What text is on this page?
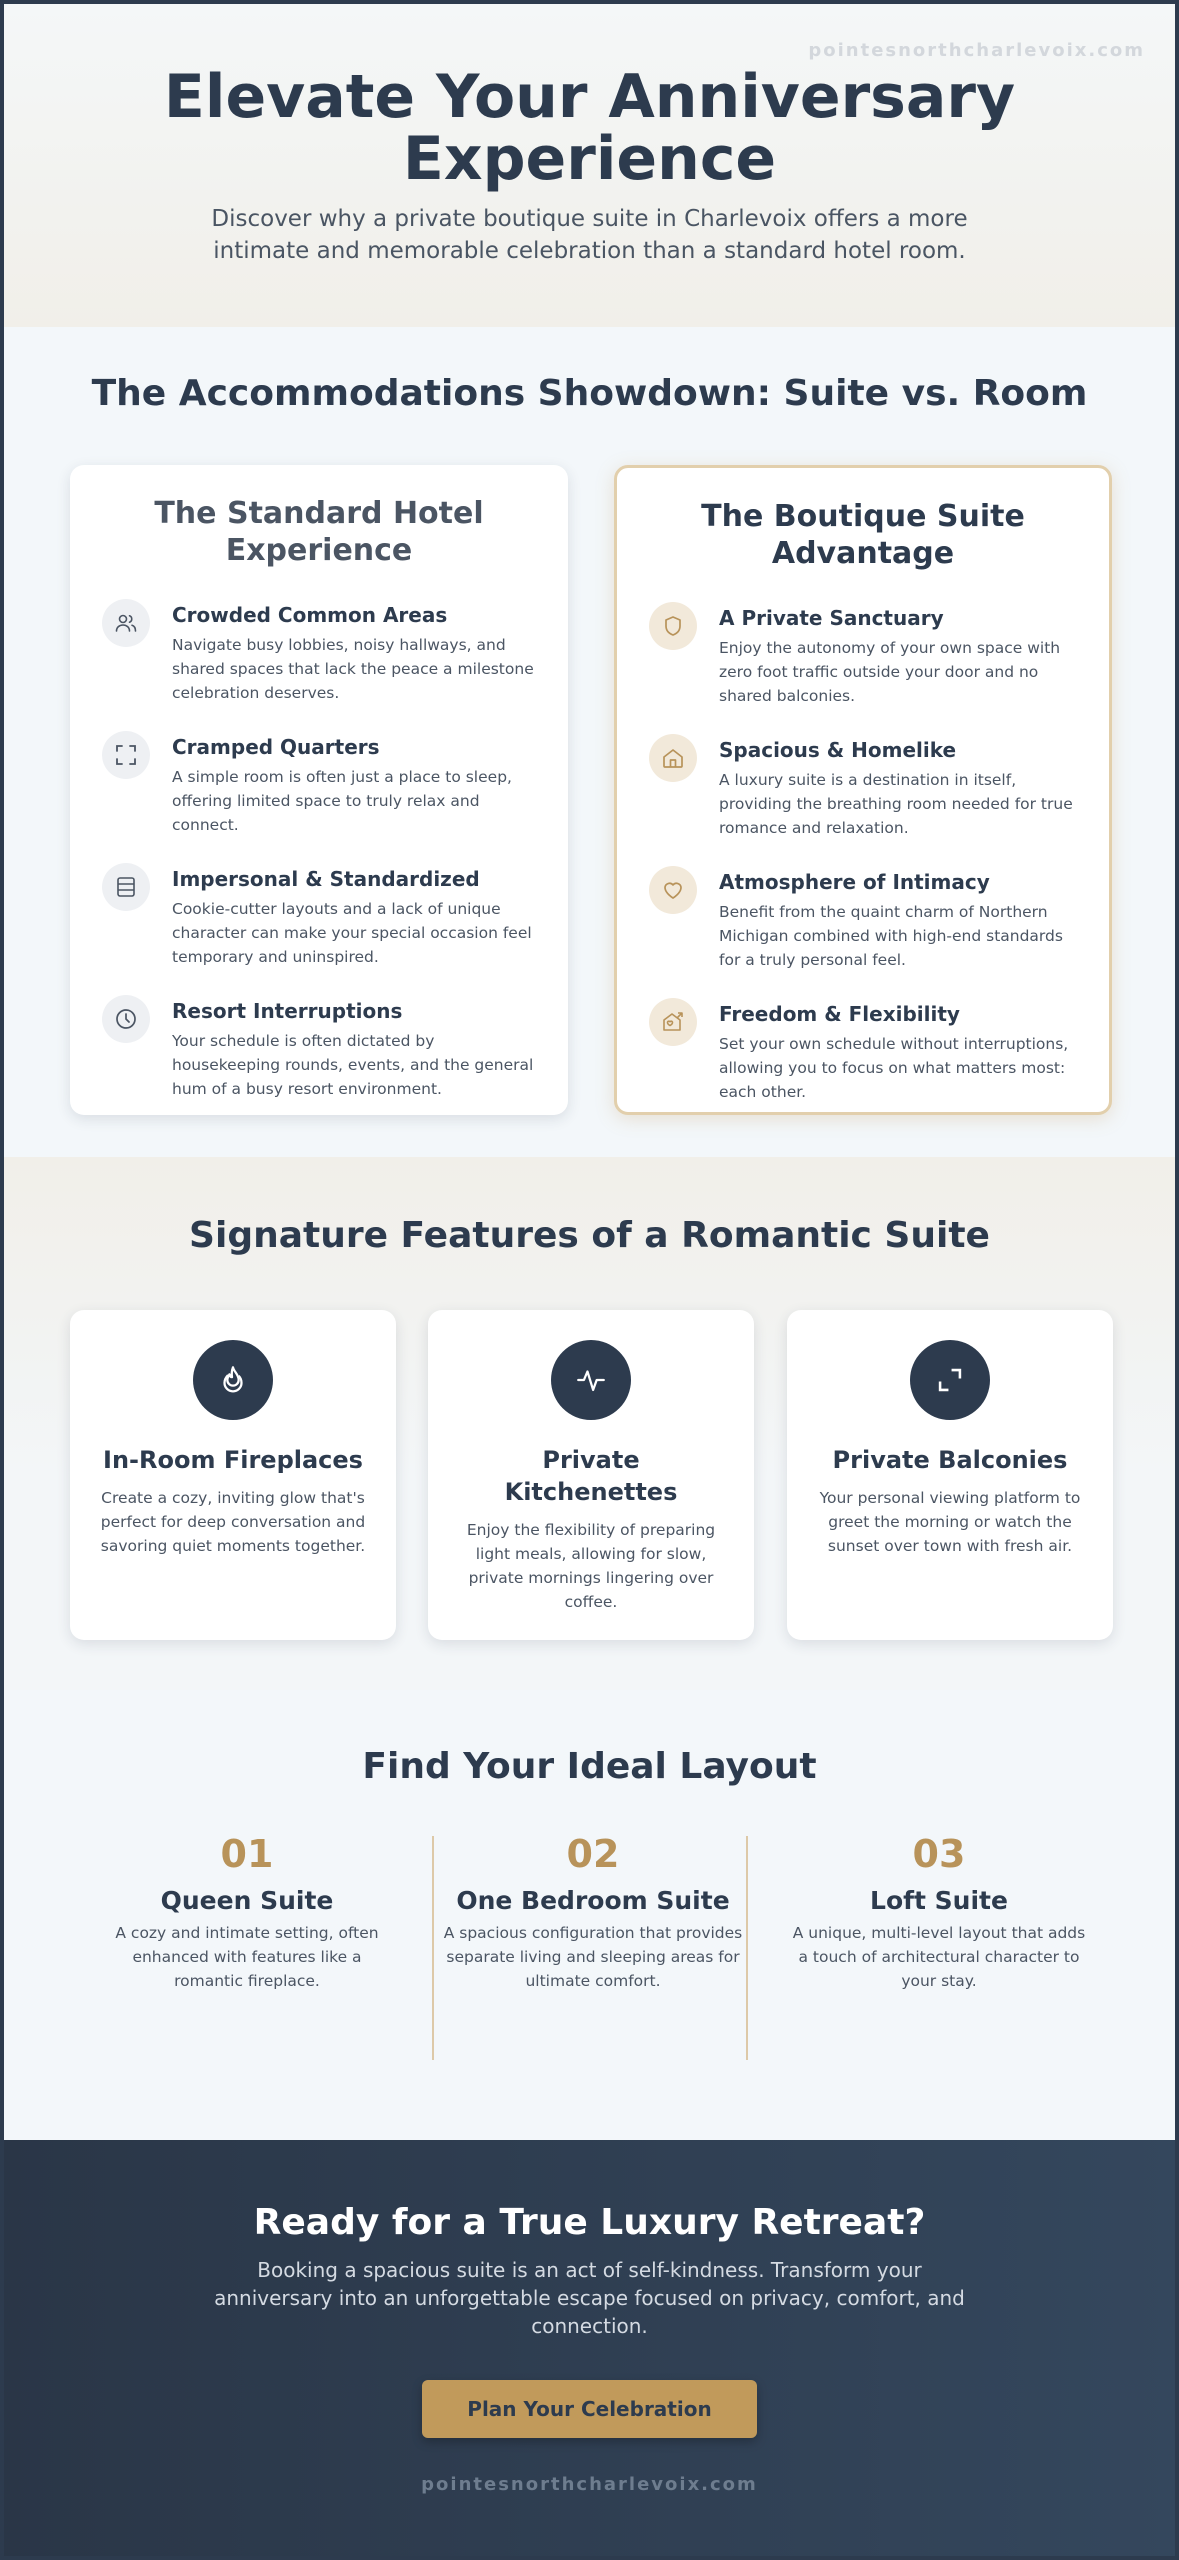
pointesnorthcharlevoix.com
Elevate Your Anniversary Experience

Discover why a private boutique suite in Charlevoix offers a more intimate and memorable celebration than a standard hotel room.

The Accommodations Showdown: Suite vs. Room
The Standard Hotel Experience
Crowded Common Areas

Navigate busy lobbies, noisy hallways, and shared spaces that lack the peace a milestone celebration deserves.

Cramped Quarters

A simple room is often just a place to sleep, offering limited space to truly relax and connect.

Impersonal & Standardized

Cookie-cutter layouts and a lack of unique character can make your special occasion feel temporary and uninspired.

Resort Interruptions

Your schedule is often dictated by housekeeping rounds, events, and the general hum of a busy resort environment.

The Boutique Suite Advantage
A Private Sanctuary

Enjoy the autonomy of your own space with zero foot traffic outside your door and no shared balconies.

Spacious & Homelike

A luxury suite is a destination in itself, providing the breathing room needed for true romance and relaxation.

Atmosphere of Intimacy

Benefit from the quaint charm of Northern Michigan combined with high-end standards for a truly personal feel.

Freedom & Flexibility

Set your own schedule without interruptions, allowing you to focus on what matters most: each other.

Signature Features of a Romantic Suite
In-Room Fireplaces

Create a cozy, inviting glow that's perfect for deep conversation and savoring quiet moments together.

Private Kitchenettes

Enjoy the flexibility of preparing light meals, allowing for slow, private mornings lingering over coffee.

Private Balconies

Your personal viewing platform to greet the morning or watch the sunset over town with fresh air.

Find Your Ideal Layout
01
Queen Suite

A cozy and intimate setting, often enhanced with features like a romantic fireplace.

02
One Bedroom Suite

A spacious configuration that provides separate living and sleeping areas for ultimate comfort.

03
Loft Suite

A unique, multi-level layout that adds a touch of architectural character to your stay.

Ready for a True Luxury Retreat?

Booking a spacious suite is an act of self-kindness. Transform your anniversary into an unforgettable escape focused on privacy, comfort, and connection.

Plan Your Celebration
pointesnorthcharlevoix.com
